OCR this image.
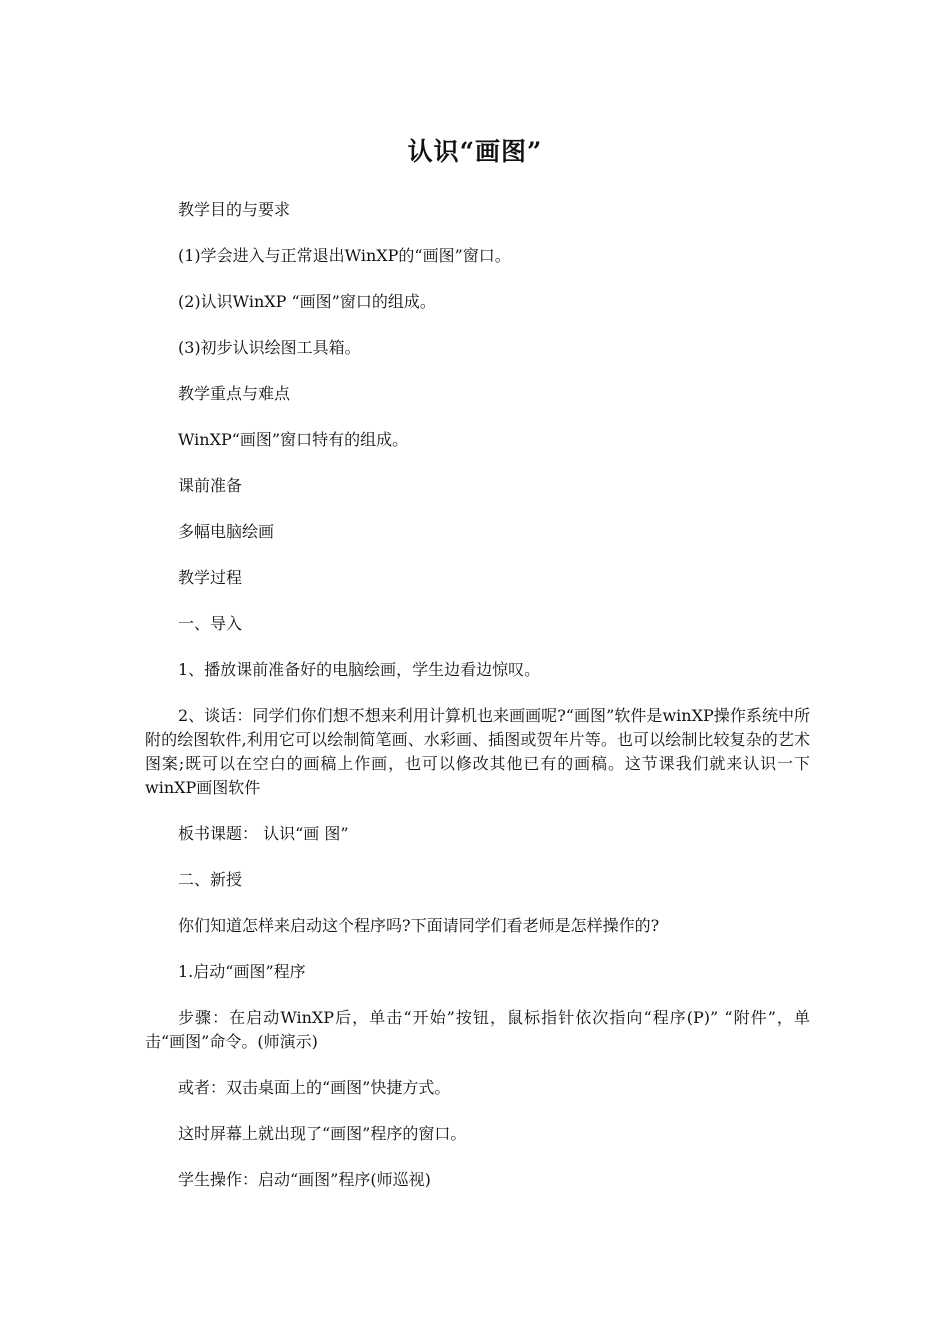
认识“画图”

教学目的与要求

(1)学会进入与正常退出WinXP的“画图”窗口。

(2)认识WinXP “画图”窗口的组成。

(3)初步认识绘图工具箱。

教学重点与难点

WinXP“画图”窗口特有的组成。

课前准备

多幅电脑绘画

教学过程

一、导入

1、播放课前准备好的电脑绘画，学生边看边惊叹。

2、谈话：同学们你们想不想来利用计算机也来画画呢?“画图”软件是winXP操作系统中所附的绘图软件,利用它可以绘制简笔画、水彩画、插图或贺年片等。也可以绘制比较复杂的艺术图案;既可以在空白的画稿上作画，也可以修改其他已有的画稿。这节课我们就来认识一下winXP画图软件

板书课题： 认识“画 图”

二、新授

你们知道怎样来启动这个程序吗?下面请同学们看老师是怎样操作的?

1.启动“画图”程序

步骤：在启动WinXP后，单击“开始”按钮，鼠标指针依次指向“程序(P)” “附件”，单击“画图”命令。(师演示)

或者：双击桌面上的“画图”快捷方式。

这时屏幕上就出现了“画图”程序的窗口。

学生操作：启动“画图”程序(师巡视)
